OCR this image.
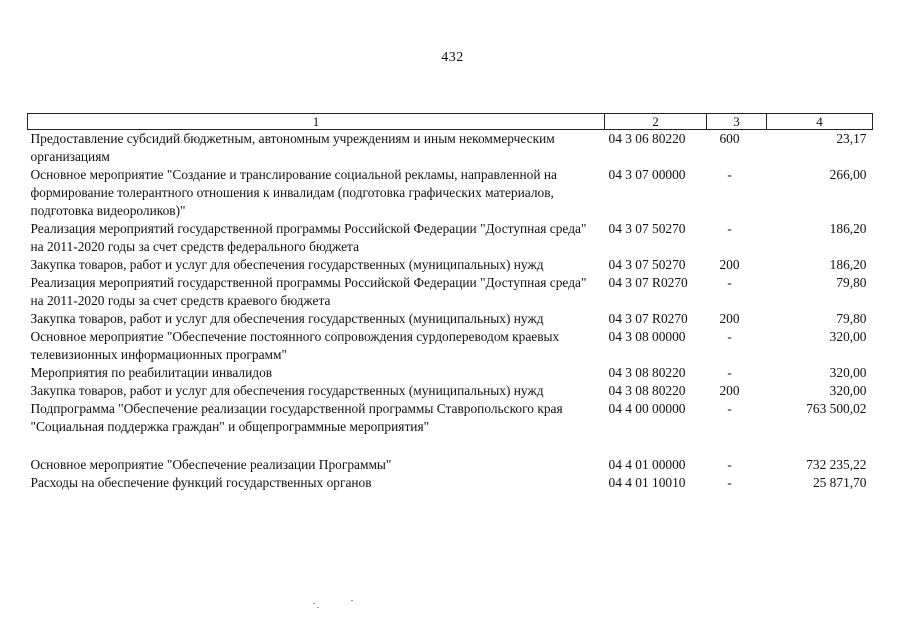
432
1	2	3	4
Предоставление субсидий бюджетным, автономным учреждениям и иным некоммерческим организациям	04 3 06 80220	600	23,17
Основное мероприятие "Создание и транслирование социальной рекламы, направленной на формирование толерантного отношения к инвалидам (подготовка графических материалов, подготовка видеороликов)"	04 3 07 00000	-	266,00
Реализация мероприятий государственной программы Российской Федерации "Доступная среда" на 2011-2020 годы за счет средств федерального бюджета	04 3 07 50270	-	186,20
Закупка товаров, работ и услуг для обеспечения государственных (муниципальных) нужд	04 3 07 50270	200	186,20
Реализация мероприятий государственной программы Российской Федерации "Доступная среда" на 2011-2020 годы за счет средств краевого бюджета	04 3 07 R0270	-	79,80
Закупка товаров, работ и услуг для обеспечения государственных (муниципальных) нужд	04 3 07 R0270	200	79,80
Основное мероприятие "Обеспечение постоянного сопровождения сурдопереводом краевых телевизионных информационных программ"	04 3 08 00000	-	320,00
Мероприятия по реабилитации инвалидов	04 3 08 80220	-	320,00
Закупка товаров, работ и услуг для обеспечения государственных (муниципальных) нужд	04 3 08 80220	200	320,00
Подпрограмма "Обеспечение реализации государственной программы Ставропольского края "Социальная поддержка граждан" и общепрограммные мероприятия"	04 4 00 00000	-	763 500,02
Основное мероприятие "Обеспечение реализации Программы"	04 4 01 00000	-	732 235,22
Расходы на обеспечение функций государственных органов	04 4 01 10010	-	25 871,70
